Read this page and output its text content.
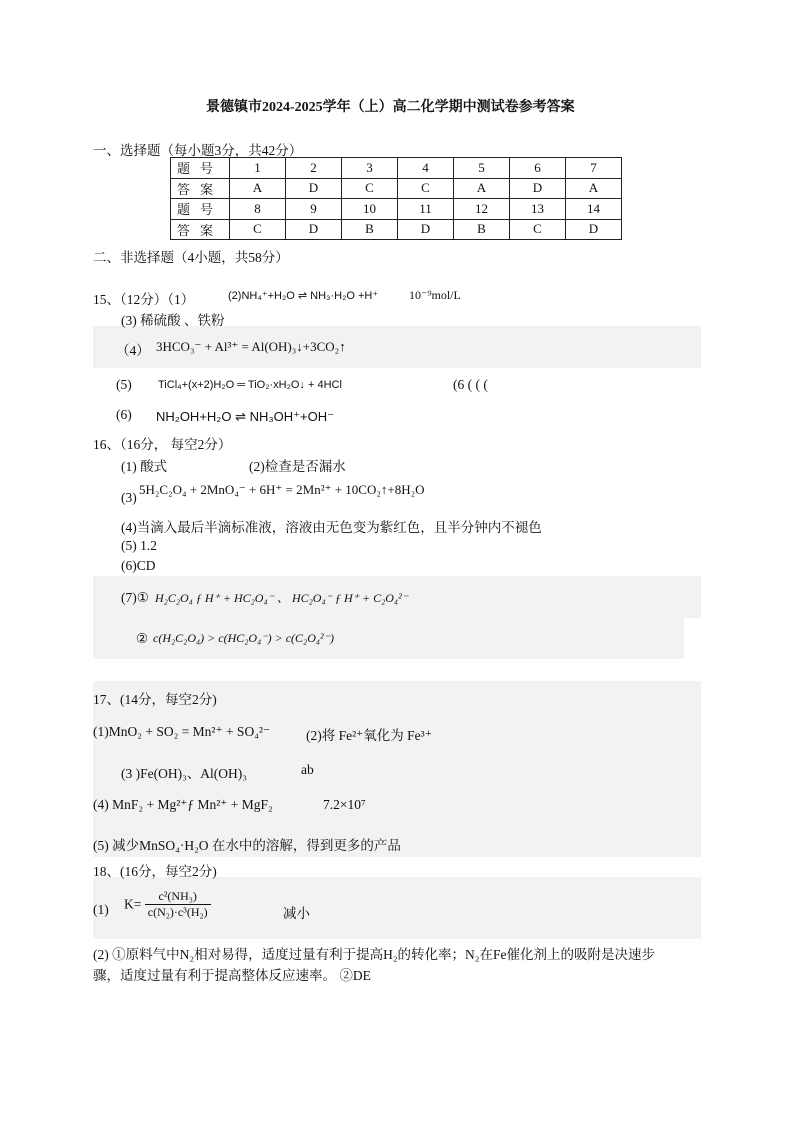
景德镇市2024-2025学年（上）高二化学期中测试卷参考答案
一、选择题（每小题3分，共42分）
题号	1	2	3	4	5	6	7
答案	A	D	C	C	A	D	A
题号	8	9	10	11	12	13	14
答案	C	D	B	D	B	C	D
二、非选择题（4小题，共58分）
15、（12分）（1）	(2)NH₄⁺+H₂O ⇌ NH₃·H₂O +H⁺	10⁻⁹mol/L
(3) 稀硫酸 、铁粉
（4） 3HCO₃⁻ + Al³⁺ = Al(OH)₃↓+3CO₂↑
(5) TiCl₄+(x+2)H₂O ═ TiO₂·xH₂O↓ + 4HCl	(6 ( ( (
(6) NH₂OH+H₂O ⇌ NH₃OH⁺+OH⁻
16、（16分， 每空2分）
(1) 酸式	(2)检查是否漏水
(3)
5H₂C₂O₄ + 2MnO₄⁻ + 6H⁺ = 2Mn²⁺ + 10CO₂↑+8H₂O
(4)当滴入最后半滴标准液，溶液由无色变为紫红色，且半分钟内不褪色
(5) 1.2
(6)CD
(7)① H₂C₂O₄ ƒ H⁺ + HC₂O₄⁻ 、 HC₂O₄⁻ ƒ H⁺ + C₂O₄²⁻
② c(H₂C₂O₄) > c(HC₂O₄⁻) > c(C₂O₄²⁻)
17、(14分，每空2分)
(1)MnO₂ + SO₂ = Mn²⁺ + SO₄²⁻	(2)将 Fe²⁺氧化为 Fe³⁺
(3 )Fe(OH)₃、Al(OH)₃	ab
(4) MnF₂ + Mg²⁺ƒ Mn²⁺ + MgF₂	7.2×10⁷
(5) 减少MnSO₄·H₂O 在水中的溶解，得到更多的产品
18、(16分，每空2分)
(1) $K= \frac{\text{c²(NH₃)}}{\text{c(N₂)·c³(H₂)}}$	减小
(2) ①原料气中N₂相对易得，适度过量有利于提高H₂的转化率；N₂在Fe催化剂上的吸附是决速步
骤，适度过量有利于提高整体反应速率。 ②DE
